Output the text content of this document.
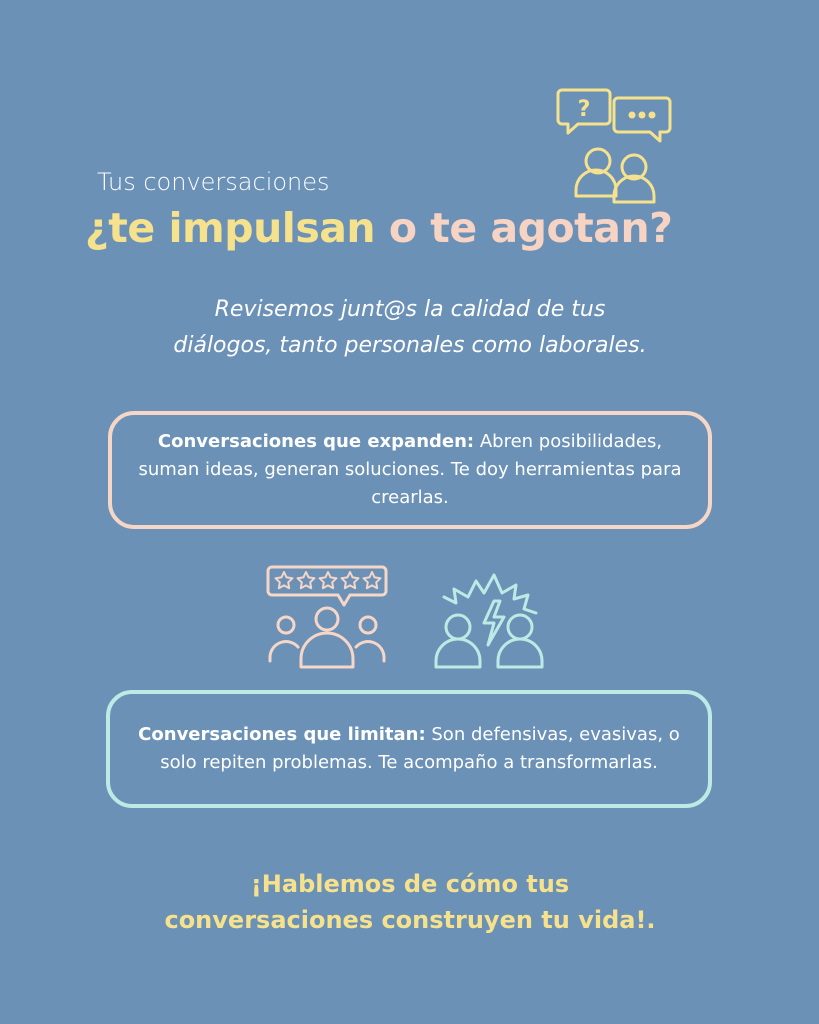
?
Tus conversaciones
¿te impulsan o te agotan?
Revisemos junt@s la calidad de tus
diálogos, tanto personales como laborales.
Conversaciones que expanden: Abren posibilidades, suman ideas, generan soluciones. Te doy herramientas para crearlas.
Conversaciones que limitan: Son defensivas, evasivas, o solo repiten problemas. Te acompaño a transformarlas.
¡Hablemos de cómo tus
conversaciones construyen tu vida!.
